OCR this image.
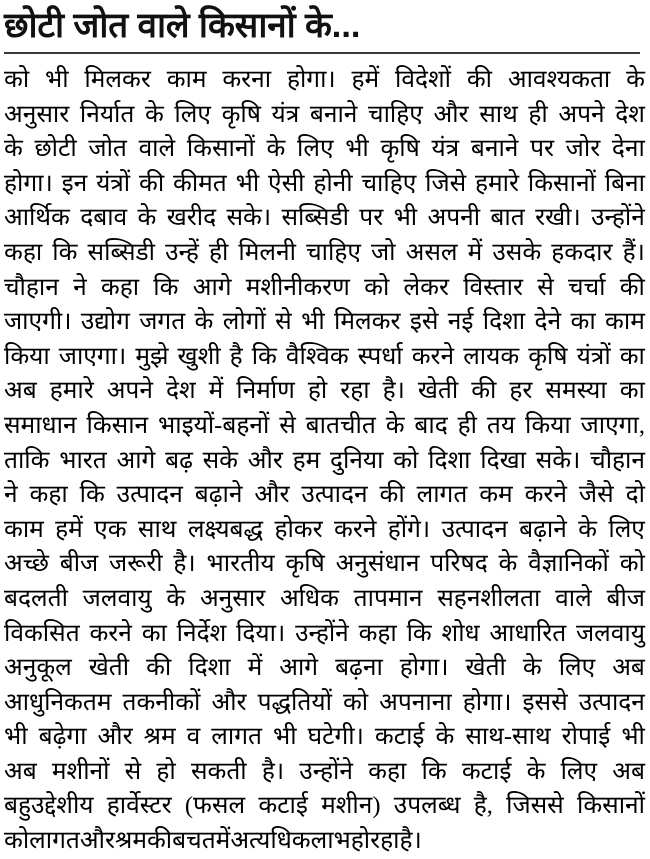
छोटी जोत वाले किसानों के...
को भी मिलकर काम करना होगा। हमें विदेशों की आवश्यकता के
अनुसार निर्यात के लिए कृषि यंत्र बनाने चाहिए और साथ ही अपने देश
के छोटी जोत वाले किसानों के लिए भी कृषि यंत्र बनाने पर जोर देना
होगा। इन यंत्रों की कीमत भी ऐसी होनी चाहिए जिसे हमारे किसानों बिना
आर्थिक दबाव के खरीद सके। सब्सिडी पर भी अपनी बात रखी। उन्होंने
कहा कि सब्सिडी उन्हें ही मिलनी चाहिए जो असल में उसके हकदार हैं।
चौहान ने कहा कि आगे मशीनीकरण को लेकर विस्तार से चर्चा की
जाएगी। उद्योग जगत के लोगों से भी मिलकर इसे नई दिशा देने का काम
किया जाएगा। मुझे खुशी है कि वैश्विक स्पर्धा करने लायक कृषि यंत्रों का
अब हमारे अपने देश में निर्माण हो रहा है। खेती की हर समस्या का
समाधान किसान भाइयों-बहनों से बातचीत के बाद ही तय किया जाएगा,
ताकि भारत आगे बढ़ सके और हम दुनिया को दिशा दिखा सके। चौहान
ने कहा कि उत्पादन बढ़ाने और उत्पादन की लागत कम करने जैसे दो
काम हमें एक साथ लक्ष्यबद्ध होकर करने होंगे। उत्पादन बढ़ाने के लिए
अच्छे बीज जरूरी है। भारतीय कृषि अनुसंधान परिषद के वैज्ञानिकों को
बदलती जलवायु के अनुसार अधिक तापमान सहनशीलता वाले बीज
विकसित करने का निर्देश दिया। उन्होंने कहा कि शोध आधारित जलवायु
अनुकूल खेती की दिशा में आगे बढ़ना होगा। खेती के लिए अब
आधुनिकतम तकनीकों और पद्धतियों को अपनाना होगा। इससे उत्पादन
भी बढ़ेगा और श्रम व लागत भी घटेगी। कटाई के साथ-साथ रोपाई भी
अब मशीनों से हो सकती है। उन्होंने कहा कि कटाई के लिए अब
बहुउद्देशीय हार्वेस्टर (फसल कटाई मशीन) उपलब्ध है, जिससे किसानों
को लागत और श्रम की बचत में अत्यधिक लाभ हो रहा है।
